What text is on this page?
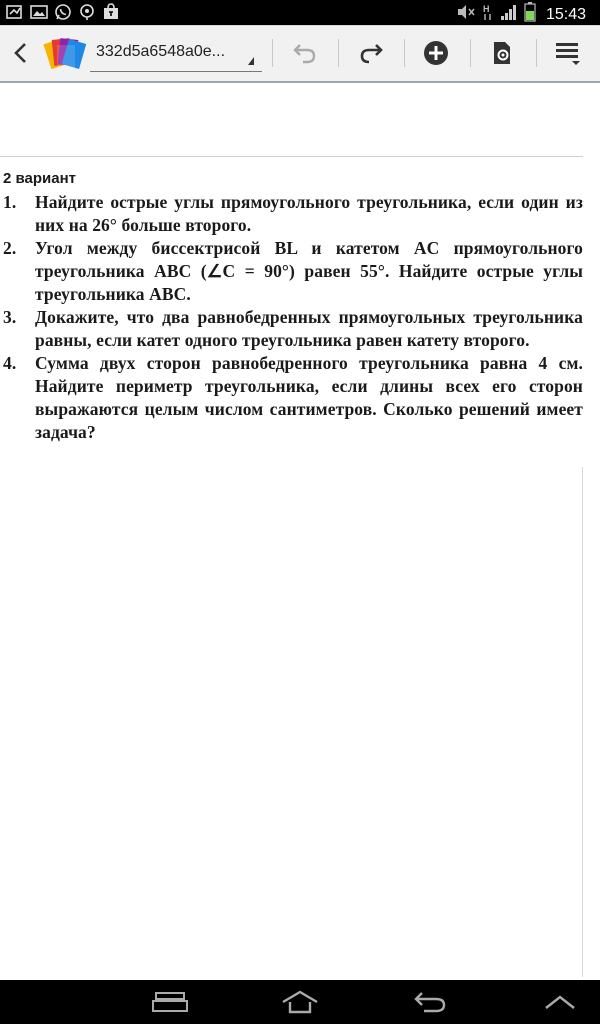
H	15:43
332d5a6548a0e...
2 вариант
1. Найдите острые углы прямоугольного треугольника, если один из них на 26° больше второго.
2. Угол между биссектрисой BL и катетом AC прямоугольного треугольника ABC (∠C = 90°) равен 55°. Найдите острые углы треугольника ABC.
3. Докажите, что два равнобедренных прямоугольных треугольника равны, если катет одного треугольника равен катету второго.
4. Сумма двух сторон равнобедренного треугольника равна 4 см. Найдите периметр треугольника, если длины всех его сторон выражаются целым числом сантиметров. Сколько решений имеет задача?
